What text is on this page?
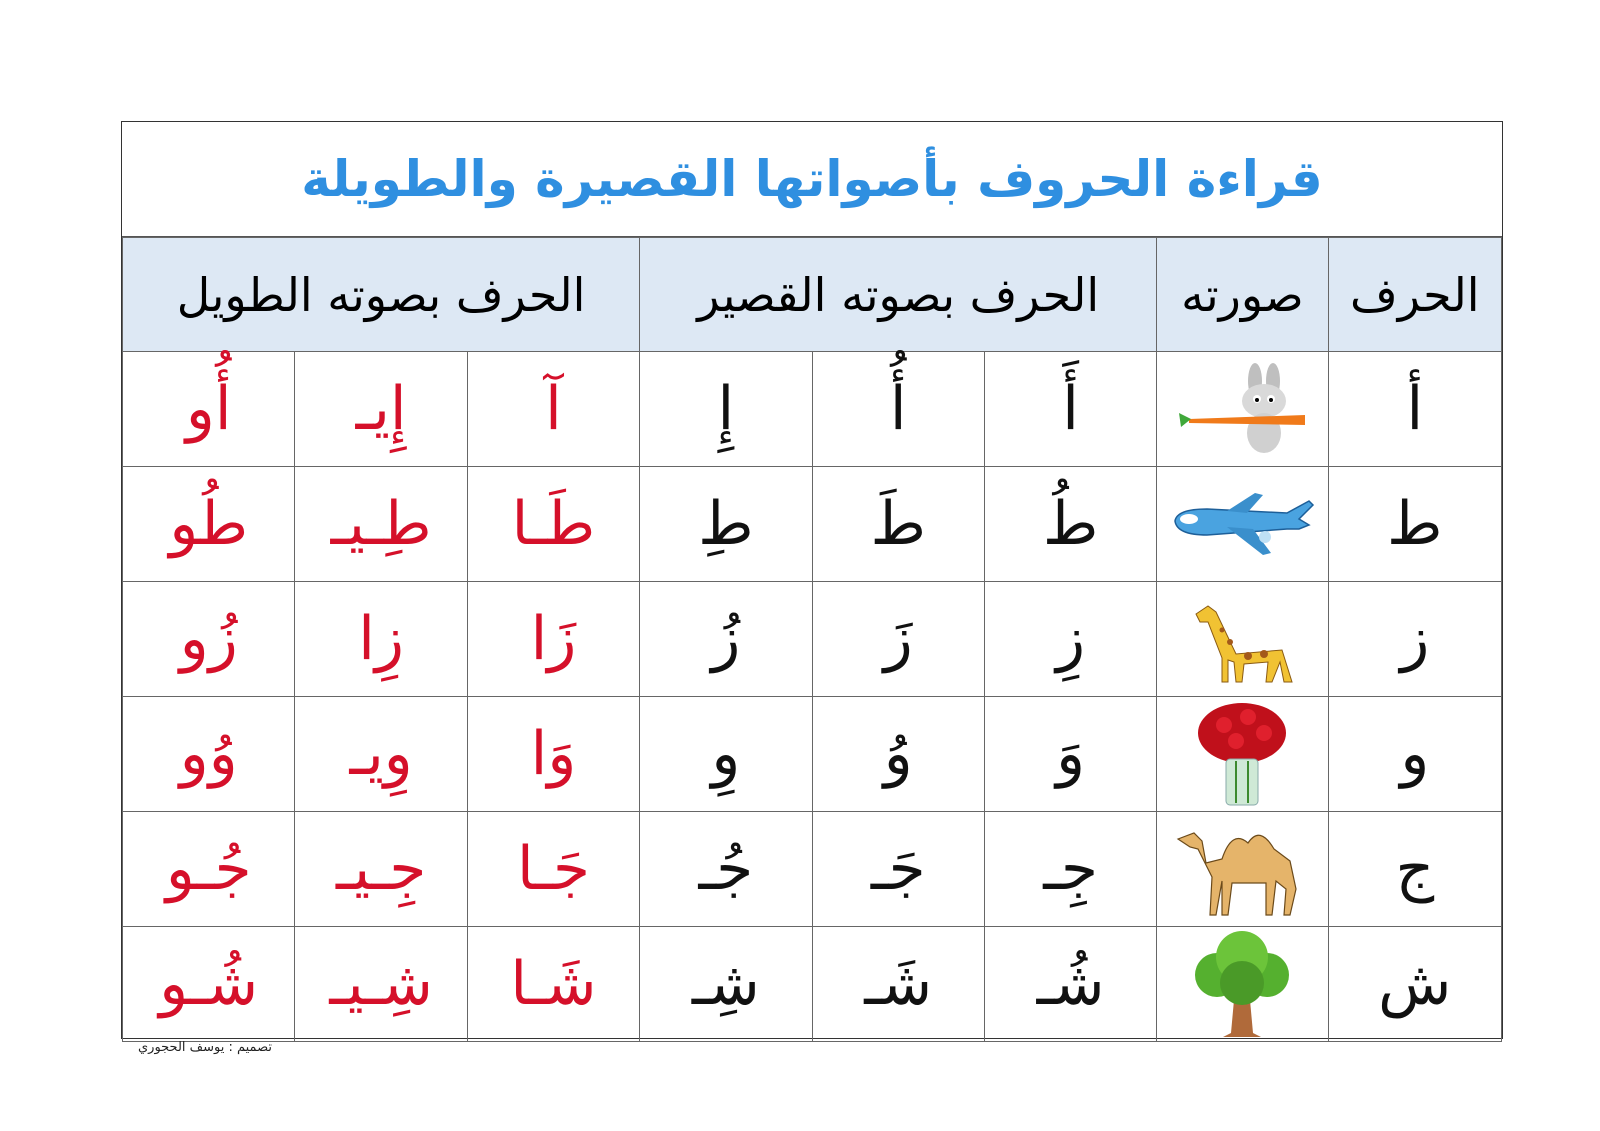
قراءة الحروف بأصواتها القصيرة والطويلة
الحرف	صورته	الحرف بصوته القصير			الحرف بصوته الطويل		
أ		أَ	أُ	إِ	آ	إِيـ	أُو
ط		طُ	طَ	طِ	طَـا	طِـيـ	طُو
ز		زِ	زَ	زُ	زَا	زِا	زُو
و		وَ	وُ	وِ	وَا	وِيـ	وُو
ج		جِـ	جَـ	جُـ	جَـا	جِـيـ	جُـو
ش		شُـ	شَـ	شِـ	شَـا	شِـيـ	شُـو
تصميم : يوسف الحجوري
